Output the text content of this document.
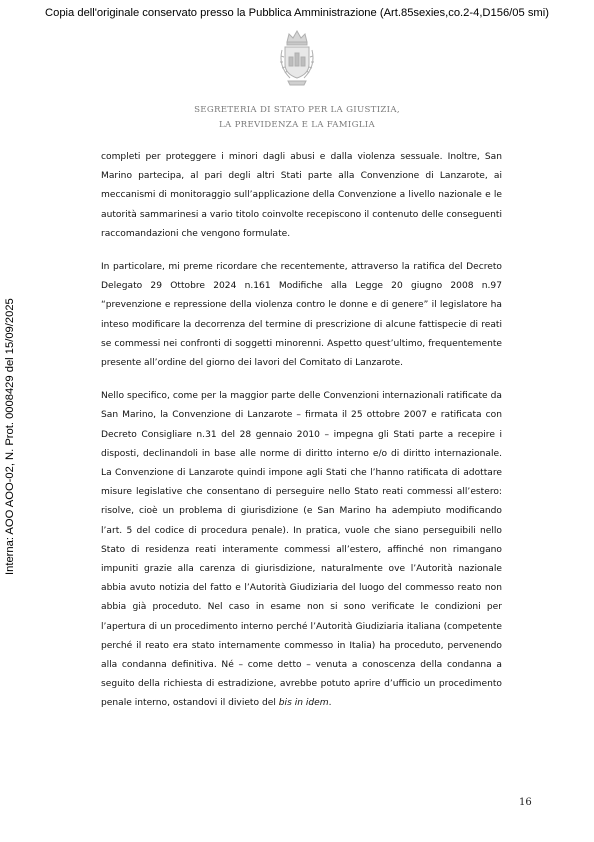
Copia dell'originale conservato presso la Pubblica Amministrazione (Art.85sexies,co.2-4,D156/05 smi)
Interna: AOO AOO-02, N. Prot. 0008429 del 15/09/2025
SEGRETERIA DI STATO PER LA GIUSTIZIA,
LA PREVIDENZA E LA FAMIGLIA

completi per proteggere i minori dagli abusi e dalla violenza sessuale. Inoltre, San Marino partecipa, al pari degli altri Stati parte alla Convenzione di Lanzarote, ai meccanismi di monitoraggio sull’applicazione della Convenzione a livello nazionale e le autorità sammarinesi a vario titolo coinvolte recepiscono il contenuto delle conseguenti raccomandazioni che vengono formulate.

In particolare, mi preme ricordare che recentemente, attraverso la ratifica del Decreto Delegato 29 Ottobre 2024 n.161 Modifiche alla Legge 20 giugno 2008 n.97 “prevenzione e repressione della violenza contro le donne e di genere” il legislatore ha inteso modificare la decorrenza del termine di prescrizione di alcune fattispecie di reati se commessi nei confronti di soggetti minorenni. Aspetto quest’ultimo, frequentemente presente all’ordine del giorno dei lavori del Comitato di Lanzarote.

Nello specifico, come per la maggior parte delle Convenzioni internazionali ratificate da San Marino, la Convenzione di Lanzarote – firmata il 25 ottobre 2007 e ratificata con Decreto Consigliare n.31 del 28 gennaio 2010 – impegna gli Stati parte a recepire i disposti, declinandoli in base alle norme di diritto interno e/o di diritto internazionale. La Convenzione di Lanzarote quindi impone agli Stati che l’hanno ratificata di adottare misure legislative che consentano di perseguire nello Stato reati commessi all’estero: risolve, cioè un problema di giurisdizione (e San Marino ha adempiuto modificando l’art. 5 del codice di procedura penale). In pratica, vuole che siano perseguibili nello Stato di residenza reati interamente commessi all’estero, affinché non rimangano impuniti grazie alla carenza di giurisdizione, naturalmente ove l’Autorità nazionale abbia avuto notizia del fatto e l’Autorità Giudiziaria del luogo del commesso reato non abbia già proceduto. Nel caso in esame non si sono verificate le condizioni per l’apertura di un procedimento interno perché l’Autorità Giudiziaria italiana (competente perché il reato era stato internamente commesso in Italia) ha proceduto, pervenendo alla condanna definitiva. Né – come detto – venuta a conoscenza della condanna a seguito della richiesta di estradizione, avrebbe potuto aprire d’ufficio un procedimento penale interno, ostandovi il divieto del bis in idem.

16
